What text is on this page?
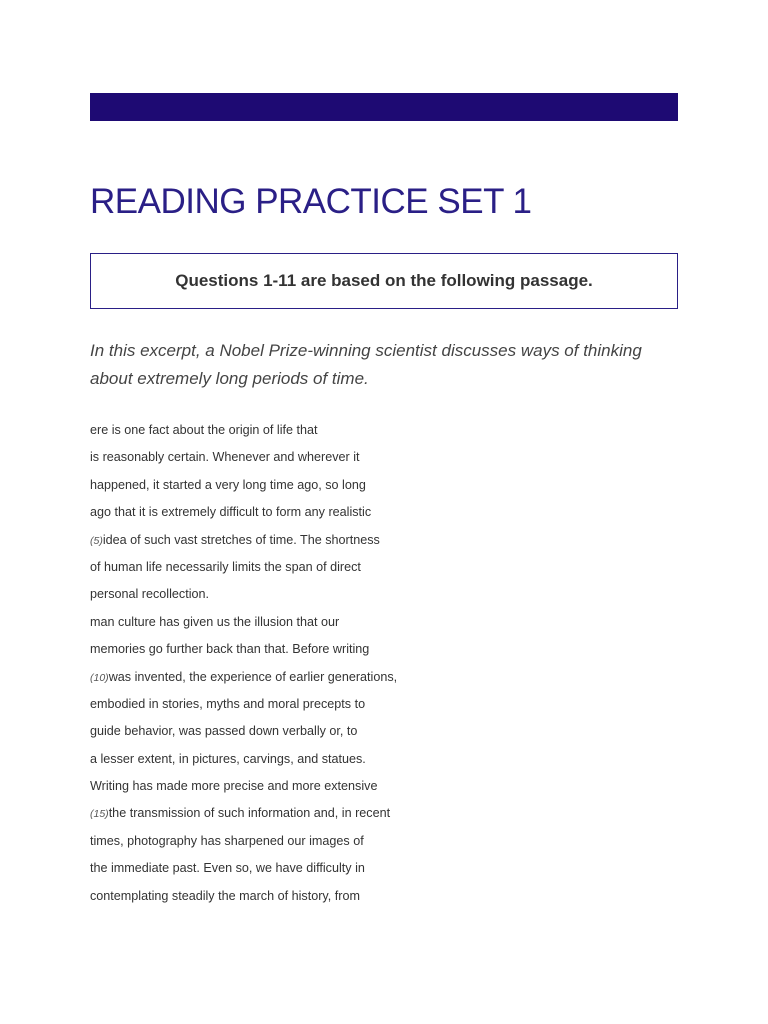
READING PRACTICE SET 1
Questions 1-11 are based on the following passage.

In this excerpt, a Nobel Prize-winning scientist discusses ways of thinking about extremely long periods of time.

ere is one fact about the origin of life that
is reasonably certain. Whenever and wherever it
happened, it started a very long time ago, so long
ago that it is extremely difficult to form any realistic
(5)idea of such vast stretches of time. The shortness
of human life necessarily limits the span of direct
personal recollection.
man culture has given us the illusion that our
memories go further back than that. Before writing
(10)was invented, the experience of earlier generations,
embodied in stories, myths and moral precepts to
guide behavior, was passed down verbally or, to
a lesser extent, in pictures, carvings, and statues.
Writing has made more precise and more extensive
(15)the transmission of such information and, in recent
times, photography has sharpened our images of
the immediate past. Even so, we have difficulty in
contemplating steadily the march of history, from
